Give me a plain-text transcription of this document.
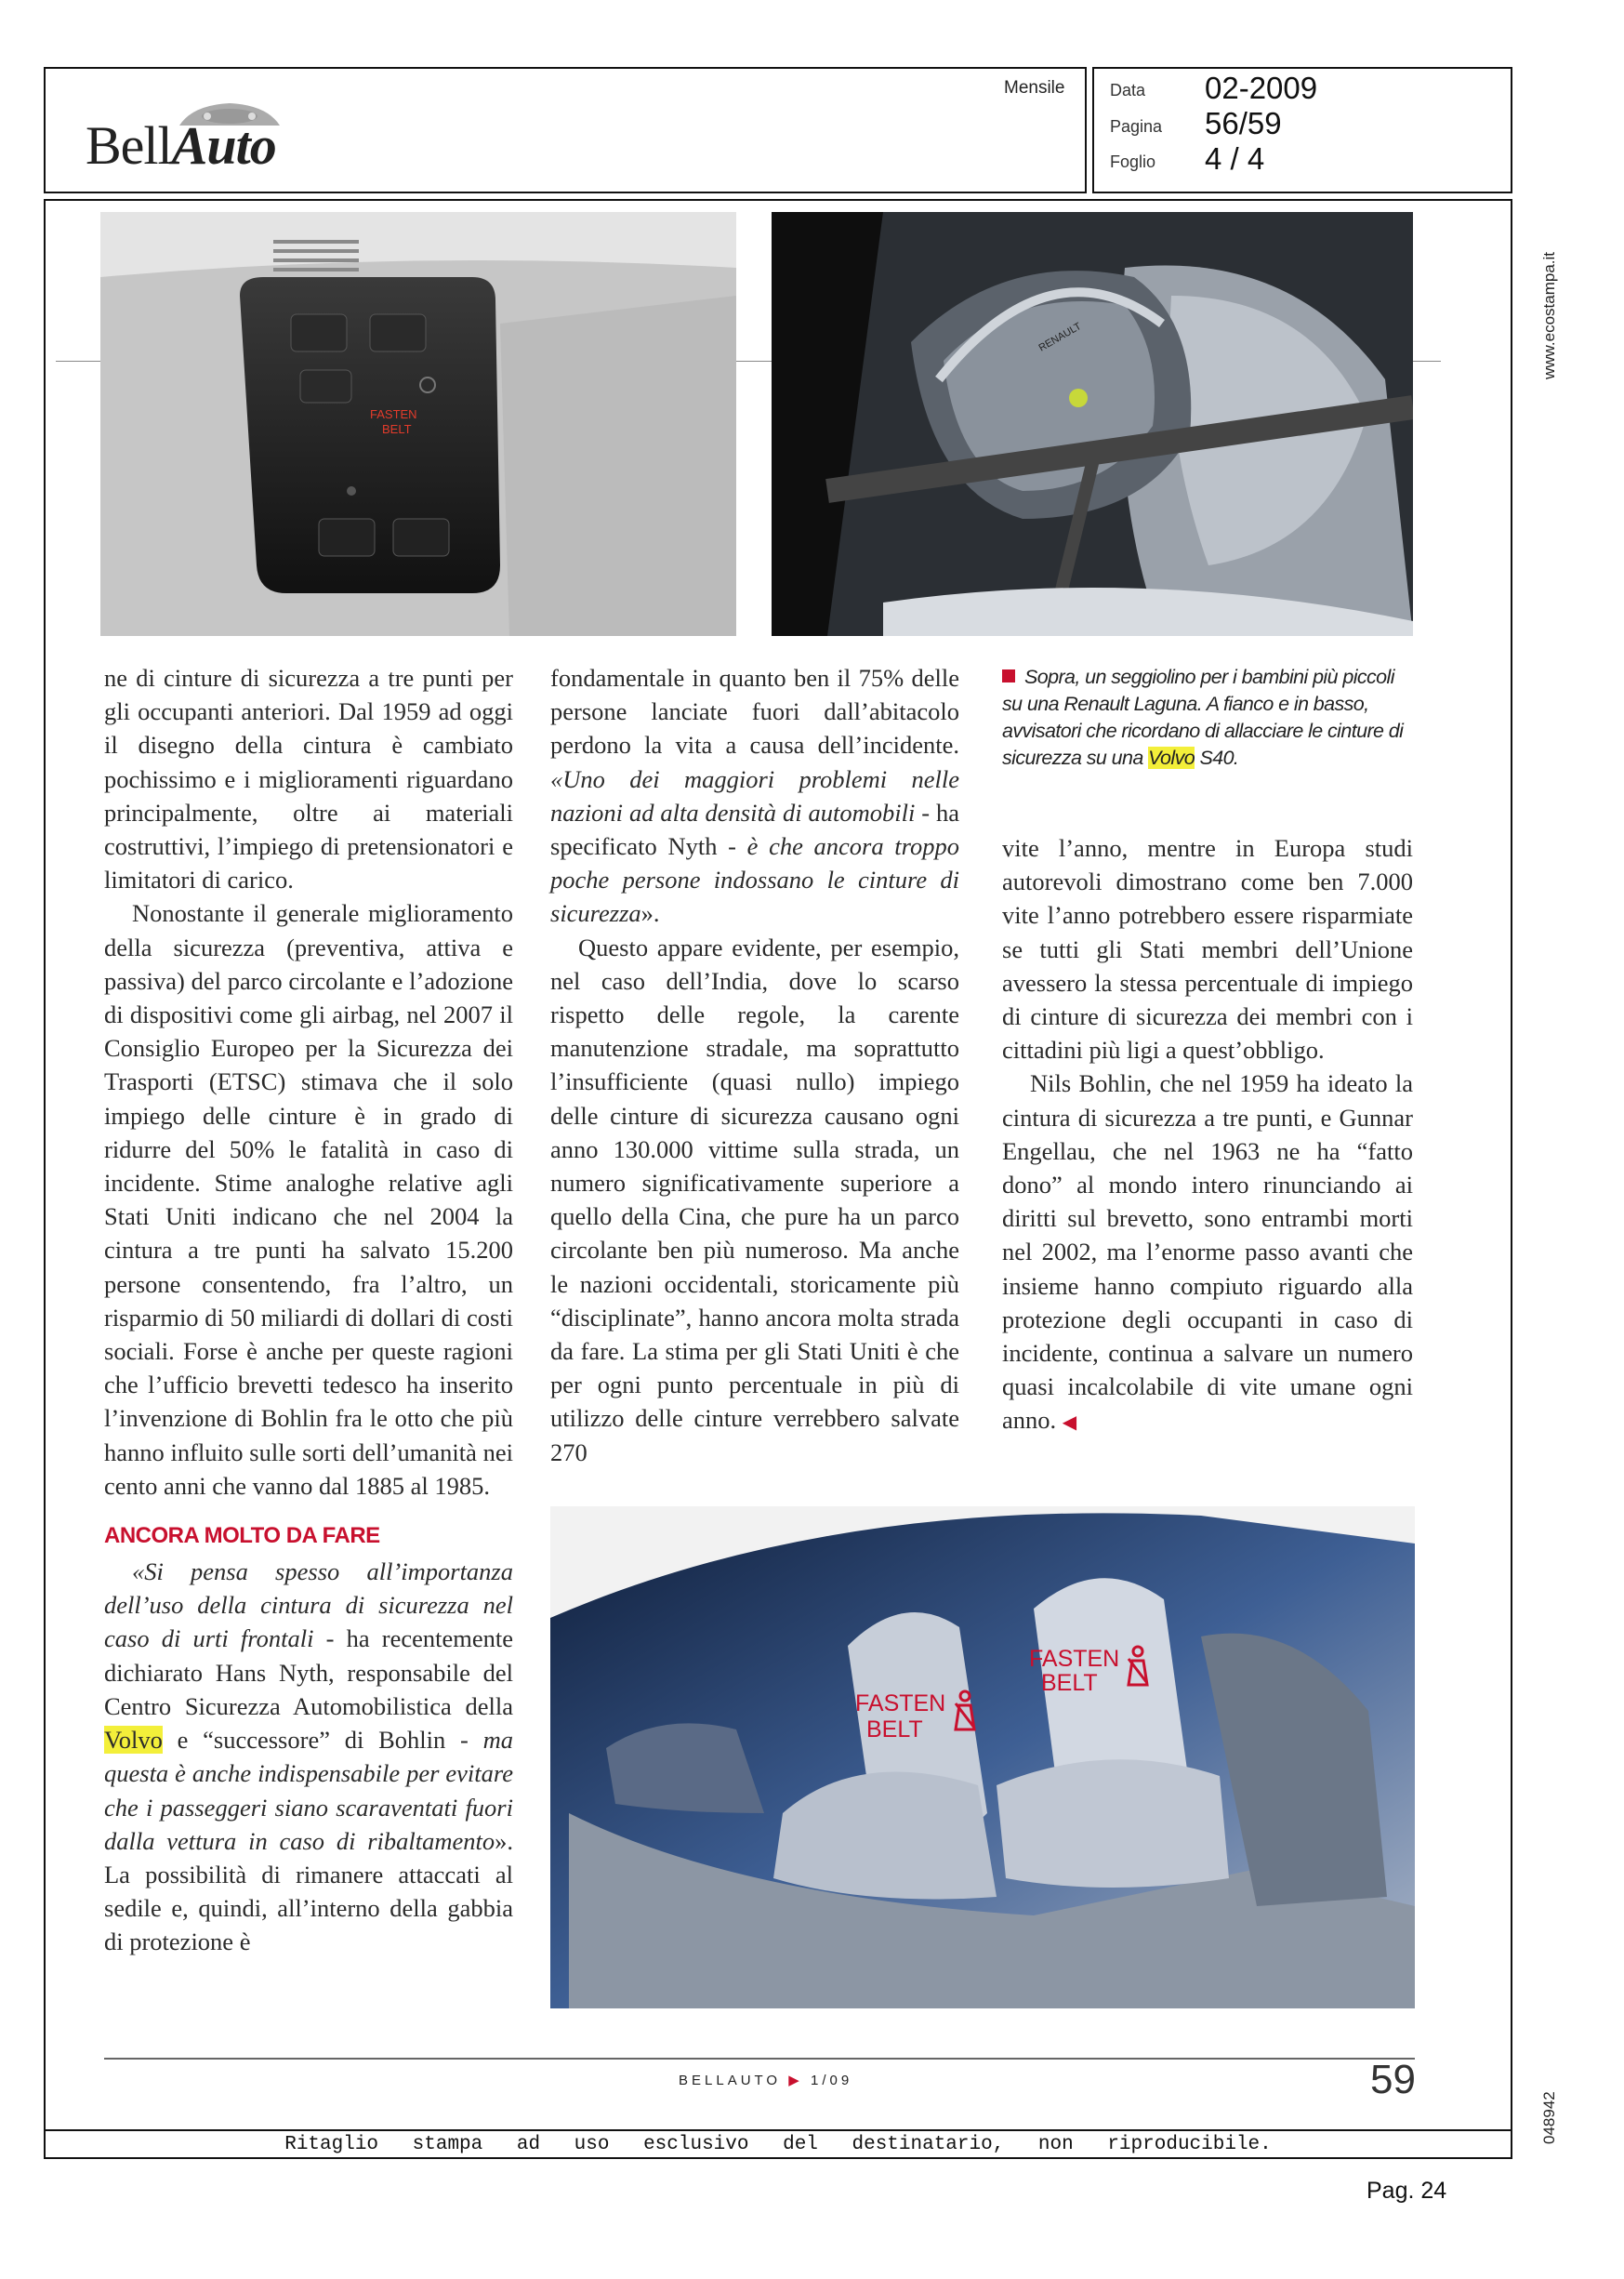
BellAuto
Mensile	Data 02-2009
Pagina 56/59
Foglio 4 / 4
www.ecostampa.it
048942
FASTEN
BELT
RENAULT
Sopra, un seggiolino per i bambini più piccoli su una Renault Laguna. A fianco e in basso, avvisatori che ricordano di allacciare le cinture di sicurezza su una Volvo S40.

ne di cinture di sicurezza a tre punti per gli occupanti anteriori. Dal 1959 ad oggi il disegno della cintura è cambiato pochissimo e i miglioramenti riguardano principalmente, oltre ai materiali costruttivi, l’impiego di pretensionatori e limitatori di carico.

Nonostante il generale miglioramento della sicurezza (preventiva, attiva e passiva) del parco circolante e l’adozione di dispositivi come gli airbag, nel 2007 il Consiglio Europeo per la Sicurezza dei Trasporti (ETSC) stimava che il solo impiego delle cinture è in grado di ridurre del 50% le fatalità in caso di incidente. Stime analoghe relative agli Stati Uniti indicano che nel 2004 la cintura a tre punti ha salvato 15.200 persone consentendo, fra l’altro, un risparmio di 50 miliardi di dollari di costi sociali. Forse è anche per queste ragioni che l’ufficio brevetti tedesco ha inserito l’invenzione di Bohlin fra le otto che più hanno influito sulle sorti dell’umanità nei cento anni che vanno dal 1885 al 1985.

ANCORA MOLTO DA FARE

«Si pensa spesso all’importanza dell’uso della cintura di sicurezza nel caso di urti frontali - ha recentemente dichiarato Hans Nyth, responsabile del Centro Sicurezza Automobilistica della Volvo e “successore” di Bohlin - ma questa è anche indispensabile per evitare che i passeggeri siano scaraventati fuori dalla vettura in caso di ribaltamento». La possibilità di rimanere attaccati al sedile e, quindi, all’interno della gabbia di protezione è

fondamentale in quanto ben il 75% delle persone lanciate fuori dall’abitacolo perdono la vita a causa dell’incidente. «Uno dei maggiori problemi nelle nazioni ad alta densità di automobili - ha specificato Nyth - è che ancora troppo poche persone indossano le cinture di sicurezza».

Questo appare evidente, per esempio, nel caso dell’India, dove lo scarso rispetto delle regole, la carente manutenzione stradale, ma soprattutto l’insufficiente (quasi nullo) impiego delle cinture di sicurezza causano ogni anno 130.000 vittime sulla strada, un numero significativamente superiore a quello della Cina, che pure ha un parco circolante ben più numeroso. Ma anche le nazioni occidentali, storicamente più “disciplinate”, hanno ancora molta strada da fare. La stima per gli Stati Uniti è che per ogni punto percentuale in più di utilizzo delle cinture verrebbero salvate 270

vite l’anno, mentre in Europa studi autorevoli dimostrano come ben 7.000 vite l’anno potrebbero essere risparmiate se tutti gli Stati membri dell’Unione avessero la stessa percentuale di impiego di cinture di sicurezza dei membri con i cittadini più ligi a quest’obbligo.

Nils Bohlin, che nel 1959 ha ideato la cintura di sicurezza a tre punti, e Gunnar Engellau, che nel 1963 ne ha “fatto dono” al mondo intero rinunciando ai diritti sul brevetto, sono entrambi morti nel 2002, ma l’enorme passo avanti che insieme hanno compiuto riguardo alla protezione degli occupanti in caso di incidente, continua a salvare un numero quasi incalcolabile di vite umane ogni anno. ◀

FASTEN
BELT
FASTEN
BELT
BELLAUTO ▶ 1/09	59
Ritaglio stampa ad uso esclusivo del destinatario, non riproducibile.
Pag. 24
